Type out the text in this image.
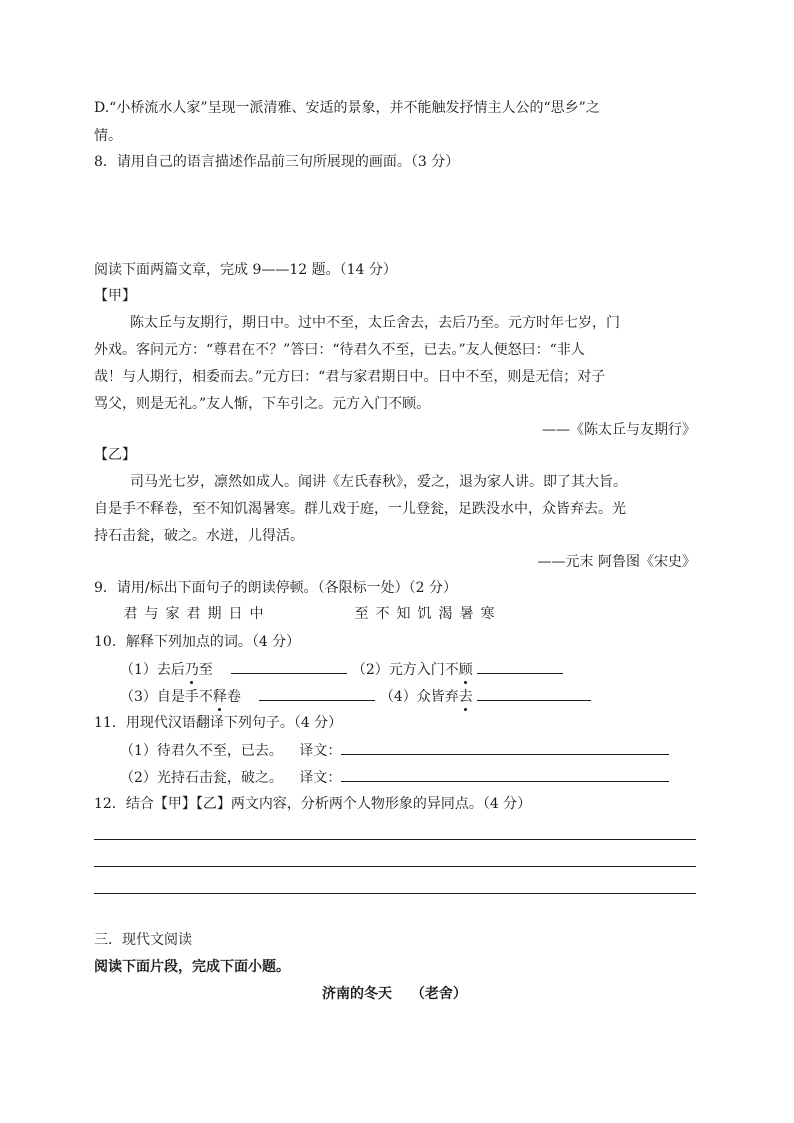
D.“小桥流水人家”呈现一派清雅、安适的景象，并不能触发抒情主人公的“思乡”之
情。
8．请用自己的语言描述作品前三句所展现的画面。（3 分）
阅读下面两篇文章，完成 9——12 题。（14 分）
【甲】
陈太丘与友期行，期日中。过中不至，太丘舍去，去后乃至。元方时年七岁，门
外戏。客问元方：“尊君在不？”答曰：“待君久不至，已去。”友人便怒曰：“非人
哉！与人期行，相委而去。”元方曰：“君与家君期日中。日中不至，则是无信；对子
骂父，则是无礼。”友人惭，下车引之。元方入门不顾。
——《陈太丘与友期行》
【乙】
司马光七岁，凛然如成人。闻讲《左氏春秋》，爱之，退为家人讲。即了其大旨。
自是手不释卷，至不知饥渴暑寒。群儿戏于庭，一儿登瓮，足跌没水中，众皆弃去。光
持石击瓮，破之。水迸，儿得活。
——元末 阿鲁图《宋史》
9．请用/标出下面句子的朗读停顿。（各限标一处）（2 分）
君 与 家 君 期 日 中	至 不 知 饥 渴 暑 寒
10．解释下列加点的词。（4 分）
（1）去后乃至	（2）元方入门不顾
（3）自是手不释卷	（4）众皆弃去
11．用现代汉语翻译下列句子。（4 分）
（1）待君久不至，已去。 译文：
（2）光持石击瓮，破之。 译文：
12．结合【甲】【乙】两文内容，分析两个人物形象的异同点。（4 分）
三．现代文阅读
阅读下面片段，完成下面小题。
济南的冬天 （老舍）
